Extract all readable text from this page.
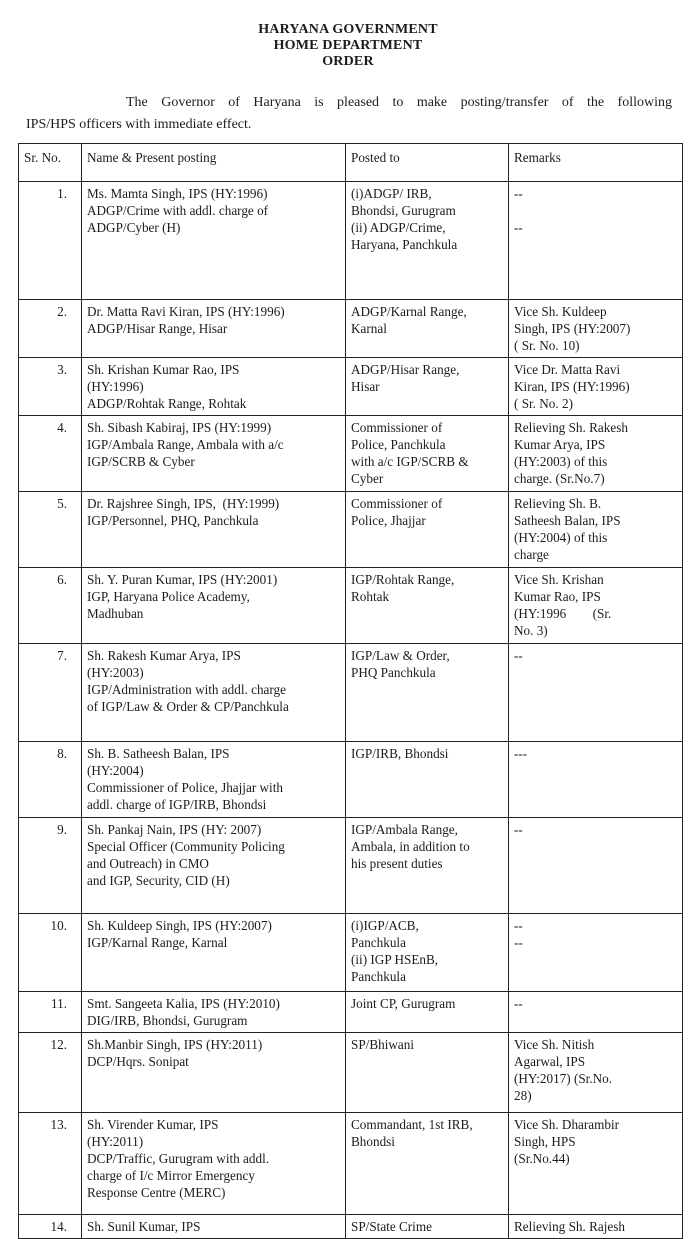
HARYANA GOVERNMENT
HOME DEPARTMENT
ORDER
The Governor of Haryana is pleased to make posting/transfer of the following
IPS/HPS officers with immediate effect.
Sr. No.	Name & Present posting	Posted to	Remarks
1.	Ms. Mamta Singh, IPS (HY:1996)
ADGP/Crime with addl. charge of
ADGP/Cyber (H)	(i)ADGP/ IRB,
Bhondsi, Gurugram
(ii) ADGP/Crime,
Haryana, Panchkula	--
--

2.	Dr. Matta Ravi Kiran, IPS (HY:1996)
ADGP/Hisar Range, Hisar	ADGP/Karnal Range,
Karnal	Vice Sh. Kuldeep
Singh, IPS (HY:2007)
( Sr. No. 10)

3.	Sh. Krishan Kumar Rao, IPS
(HY:1996)
ADGP/Rohtak Range, Rohtak	ADGP/Hisar Range,
Hisar	Vice Dr. Matta Ravi
Kiran, IPS (HY:1996)
( Sr. No. 2)

4.	Sh. Sibash Kabiraj, IPS (HY:1999)
IGP/Ambala Range, Ambala with a/c
IGP/SCRB & Cyber	Commissioner of
Police, Panchkula
with a/c IGP/SCRB &
Cyber	Relieving Sh. Rakesh
Kumar Arya, IPS
(HY:2003) of this
charge. (Sr.No.7)

5.	Dr. Rajshree Singh, IPS,  (HY:1999)
IGP/Personnel, PHQ, Panchkula	Commissioner of
Police, Jhajjar	Relieving Sh. B.
Satheesh Balan, IPS
(HY:2004) of this
charge

6.	Sh. Y. Puran Kumar, IPS (HY:2001)
IGP, Haryana Police Academy,
Madhuban	IGP/Rohtak Range,
Rohtak	Vice Sh. Krishan
Kumar Rao, IPS
(HY:1996        (Sr.
No. 3)

7.	Sh. Rakesh Kumar Arya, IPS
(HY:2003)
IGP/Administration with addl. charge
of IGP/Law & Order & CP/Panchkula	IGP/Law & Order,
PHQ Panchkula	--

8.	Sh. B. Satheesh Balan, IPS
(HY:2004)
Commissioner of Police, Jhajjar with
addl. charge of IGP/IRB, Bhondsi	IGP/IRB, Bhondsi	---

9.	Sh. Pankaj Nain, IPS (HY: 2007)
Special Officer (Community Policing
and Outreach) in CMO
and IGP, Security, CID (H)	IGP/Ambala Range,
Ambala, in addition to
his present duties	--

10.	Sh. Kuldeep Singh, IPS (HY:2007)
IGP/Karnal Range, Karnal	(i)IGP/ACB,
Panchkula
(ii) IGP HSEnB,
Panchkula	--
--

11.	Smt. Sangeeta Kalia, IPS (HY:2010)
DIG/IRB, Bhondsi, Gurugram	Joint CP, Gurugram	--

12.	Sh.Manbir Singh, IPS (HY:2011)
DCP/Hqrs. Sonipat	SP/Bhiwani	Vice Sh. Nitish
Agarwal, IPS
(HY:2017) (Sr.No.
28)

13.	Sh. Virender Kumar, IPS
(HY:2011)
DCP/Traffic, Gurugram with addl.
charge of I/c Mirror Emergency
Response Centre (MERC)	Commandant, 1st IRB,
Bhondsi	Vice Sh. Dharambir
Singh, HPS
(Sr.No.44)

14.	Sh. Sunil Kumar, IPS	SP/State Crime	Relieving Sh. Rajesh
